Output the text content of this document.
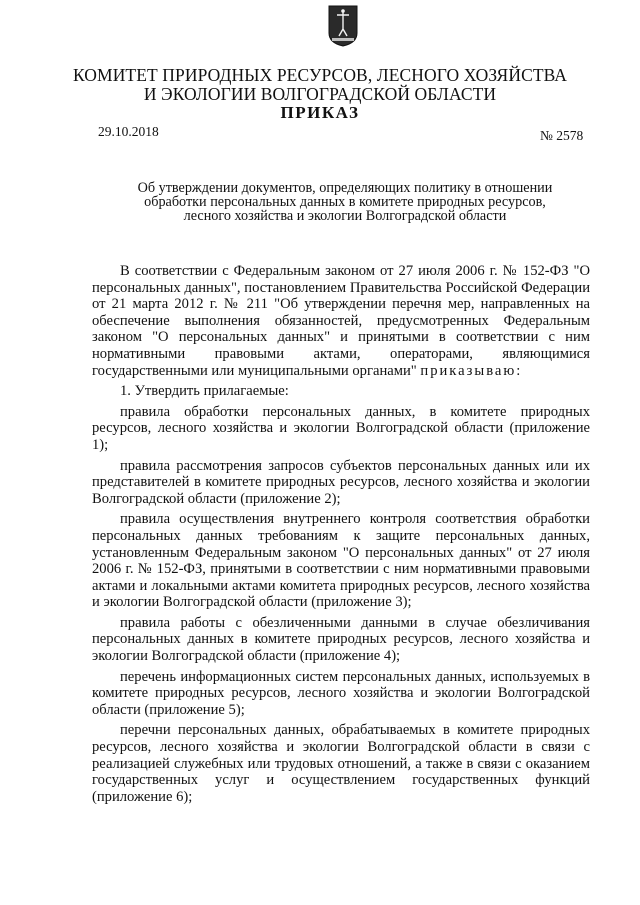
КОМИТЕТ ПРИРОДНЫХ РЕСУРСОВ, ЛЕСНОГО ХОЗЯЙСТВА
И ЭКОЛОГИИ ВОЛГОГРАДСКОЙ ОБЛАСТИ
ПРИКАЗ
29.10.2018	№ 2578
Об утверждении документов, определяющих политику в отношении
обработки персональных данных в комитете природных ресурсов,
лесного хозяйства и экологии Волгоградской области

В соответствии с Федеральным законом от 27 июля 2006 г. № 152-ФЗ "О персональных данных", постановлением Правительства Российской Федерации от 21 марта 2012 г. № 211 "Об утверждении перечня мер, направленных на обеспечение выполнения обязанностей, предусмотренных Федеральным законом "О персональных данных" и принятыми в соответствии с ним нормативными правовыми актами, операторами, являющимися государственными или муниципальными органами" приказываю:

1. Утвердить прилагаемые:

правила обработки персональных данных, в комитете природных ресурсов, лесного хозяйства и экологии Волгоградской области (приложение 1);

правила рассмотрения запросов субъектов персональных данных или их представителей в комитете природных ресурсов, лесного хозяйства и экологии Волгоградской области (приложение 2);

правила осуществления внутреннего контроля соответствия обработки персональных данных требованиям к защите персональных данных, установленным Федеральным законом "О персональных данных" от 27 июля 2006 г. № 152-ФЗ, принятыми в соответствии с ним нормативными правовыми актами и локальными актами комитета природных ресурсов, лесного хозяйства и экологии Волгоградской области (приложение 3);

правила работы с обезличенными данными в случае обезличивания персональных данных в комитете природных ресурсов, лесного хозяйства и экологии Волгоградской области (приложение 4);

перечень информационных систем персональных данных, используемых в комитете природных ресурсов, лесного хозяйства и экологии Волгоградской области (приложение 5);

перечни персональных данных, обрабатываемых в комитете природных ресурсов, лесного хозяйства и экологии Волгоградской области в связи с реализацией служебных или трудовых отношений, а также в связи с оказанием государственных услуг и осуществлением государственных функций (приложение 6);
